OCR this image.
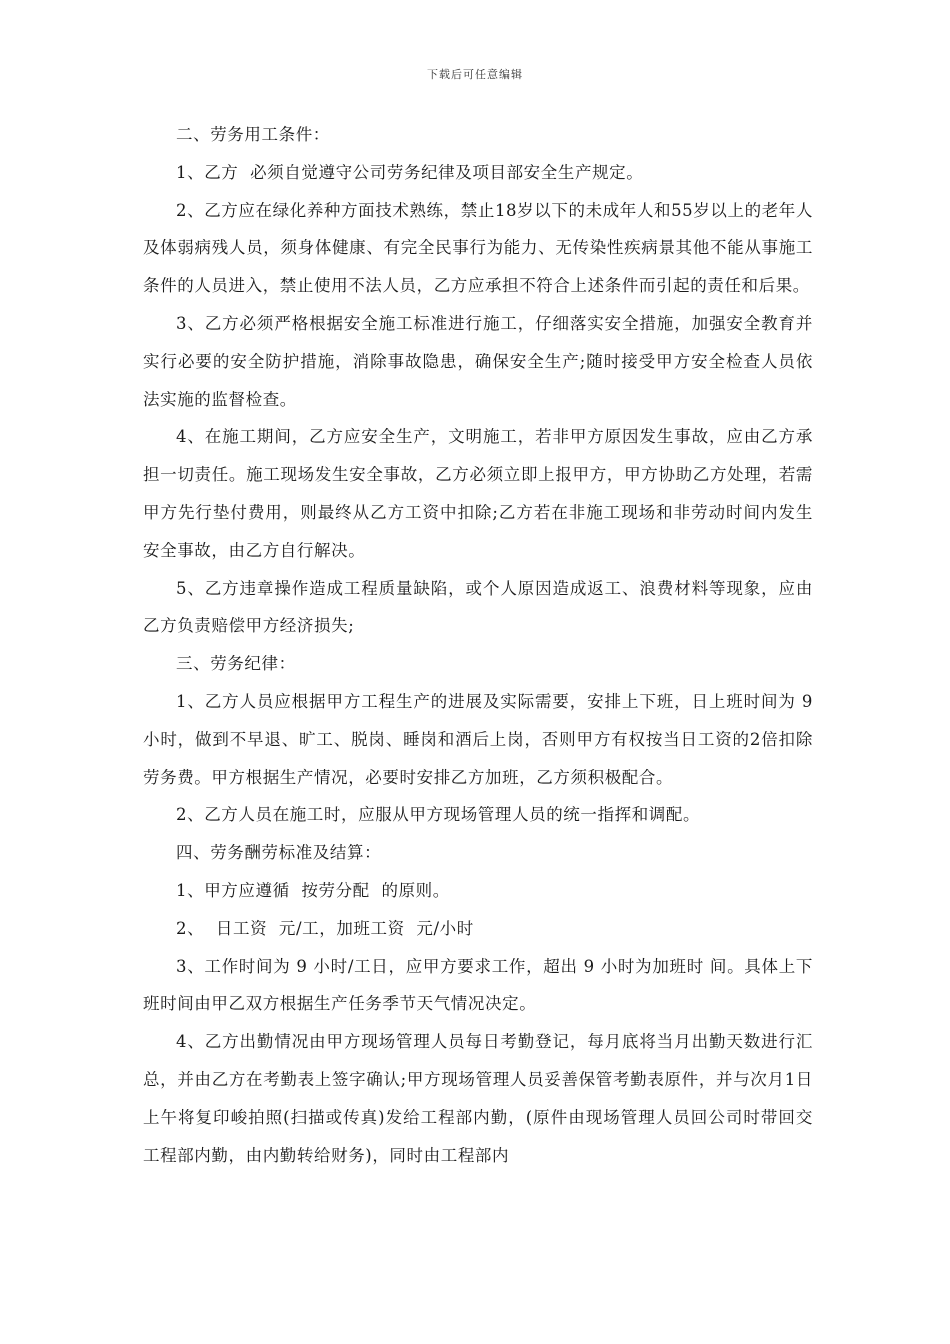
下载后可任意编辑

二、劳务用工条件：

1、乙方  必须自觉遵守公司劳务纪律及项目部安全生产规定。

2、乙方应在绿化养种方面技术熟练，禁止18岁以下的未成年人和55岁以上的老年人及体弱病残人员，须身体健康、有完全民事行为能力、无传染性疾病景其他不能从事施工条件的人员进入，禁止使用不法人员，乙方应承担不符合上述条件而引起的责任和后果。

3、乙方必须严格根据安全施工标准进行施工，仔细落实安全措施，加强安全教育并实行必要的安全防护措施，消除事故隐患，确保安全生产;随时接受甲方安全检查人员依法实施的监督检查。

4、在施工期间，乙方应安全生产，文明施工，若非甲方原因发生事故，应由乙方承担一切责任。施工现场发生安全事故，乙方必须立即上报甲方，甲方协助乙方处理，若需甲方先行垫付费用，则最终从乙方工资中扣除;乙方若在非施工现场和非劳动时间内发生安全事故，由乙方自行解决。

5、乙方违章操作造成工程质量缺陷，或个人原因造成返工、浪费材料等现象，应由乙方负责赔偿甲方经济损失;

三、劳务纪律：

1、乙方人员应根据甲方工程生产的进展及实际需要，安排上下班，日上班时间为 9 小时，做到不早退、旷工、脱岗、睡岗和酒后上岗，否则甲方有权按当日工资的2倍扣除劳务费。甲方根据生产情况，必要时安排乙方加班，乙方须积极配合。

2、乙方人员在施工时，应服从甲方现场管理人员的统一指挥和调配。

四、劳务酬劳标准及结算：

1、甲方应遵循  按劳分配  的原则。

2、  日工资  元/工，加班工资  元/小时

3、工作时间为 9 小时/工日，应甲方要求工作，超出 9 小时为加班时 间。具体上下班时间由甲乙双方根据生产任务季节天气情况决定。

4、乙方出勤情况由甲方现场管理人员每日考勤登记，每月底将当月出勤天数进行汇总，并由乙方在考勤表上签字确认;甲方现场管理人员妥善保管考勤表原件，并与次月1日上午将复印峻拍照(扫描或传真)发给工程部内勤，(原件由现场管理人员回公司时带回交工程部内勤，由内勤转给财务)，同时由工程部内
